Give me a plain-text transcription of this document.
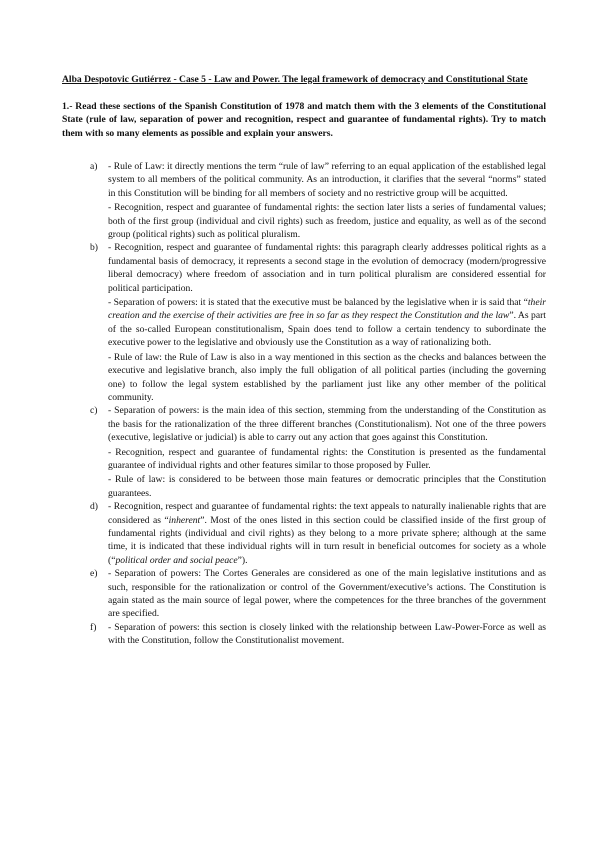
Alba Despotovic Gutiérrez - Case 5 - Law and Power. The legal framework of democracy and Constitutional State
1.- Read these sections of the Spanish Constitution of 1978 and match them with the 3 elements of the Constitutional State (rule of law, separation of power and recognition, respect and guarantee of fundamental rights). Try to match them with so many elements as possible and explain your answers.
a) - Rule of Law: it directly mentions the term “rule of law” referring to an equal application of the established legal system to all members of the political community. As an introduction, it clarifies that the several “norms” stated in this Constitution will be binding for all members of society and no restrictive group will be acquitted.

- Recognition, respect and guarantee of fundamental rights: the section later lists a series of fundamental values; both of the first group (individual and civil rights) such as freedom, justice and equality, as well as of the second group (political rights) such as political pluralism.

b) - Recognition, respect and guarantee of fundamental rights: this paragraph clearly addresses political rights as a fundamental basis of democracy, it represents a second stage in the evolution of democracy (modern/progressive liberal democracy) where freedom of association and in turn political pluralism are considered essential for political participation.

- Separation of powers: it is stated that the executive must be balanced by the legislative when ir is said that “their creation and the exercise of their activities are free in so far as they respect the Constitution and the law”. As part of the so-called European constitutionalism, Spain does tend to follow a certain tendency to subordinate the executive power to the legislative and obviously use the Constitution as a way of rationalizing both.

- Rule of law: the Rule of Law is also in a way mentioned in this section as the checks and balances between the executive and legislative branch, also imply the full obligation of all political parties (including the governing one) to follow the legal system established by the parliament just like any other member of the political community.

c) - Separation of powers: is the main idea of this section, stemming from the understanding of the Constitution as the basis for the rationalization of the three different branches (Constitutionalism). Not one of the three powers (executive, legislative or judicial) is able to carry out any action that goes against this Constitution.

- Recognition, respect and guarantee of fundamental rights: the Constitution is presented as the fundamental guarantee of individual rights and other features similar to those proposed by Fuller.

- Rule of law: is considered to be between those main features or democratic principles that the Constitution guarantees.

d) - Recognition, respect and guarantee of fundamental rights: the text appeals to naturally inalienable rights that are considered as “inherent”. Most of the ones listed in this section could be classified inside of the first group of fundamental rights (individual and civil rights) as they belong to a more private sphere; although at the same time, it is indicated that these individual rights will in turn result in beneficial outcomes for society as a whole (“political order and social peace”).

e) - Separation of powers: The Cortes Generales are considered as one of the main legislative institutions and as such, responsible for the rationalization or control of the Government/executive’s actions. The Constitution is again stated as the main source of legal power, where the competences for the three branches of the government are specified.

f) - Separation of powers: this section is closely linked with the relationship between Law-Power-Force as well as with the Constitution, follow the Constitutionalist movement.
